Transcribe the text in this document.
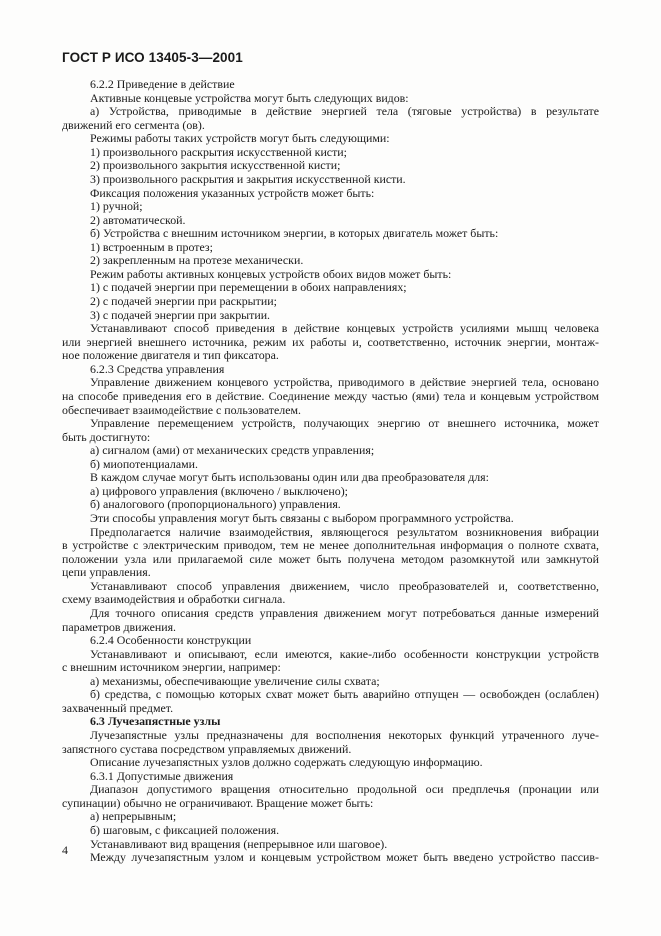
ГОСТ Р ИСО 13405-3—2001

6.2.2 Приведение в действие

Активные концевые устройства могут быть следующих видов:

а) Устройства, приводимые в действие энергией тела (тяговые устройства) в результате

движений его сегмента (ов).

Режимы работы таких устройств могут быть следующими:

1) произвольного раскрытия искусственной кисти;

2) произвольного закрытия искусственной кисти;

3) произвольного раскрытия и закрытия искусственной кисти.

Фиксация положения указанных устройств может быть:

1) ручной;

2) автоматической.

б) Устройства с внешним источником энергии, в которых двигатель может быть:

1) встроенным в протез;

2) закрепленным на протезе механически.

Режим работы активных концевых устройств обоих видов может быть:

1) с подачей энергии при перемещении в обоих направлениях;

2) с подачей энергии при раскрытии;

3) с подачей энергии при закрытии.

Устанавливают способ приведения в действие концевых устройств усилиями мышц человека

или энергией внешнего источника, режим их работы и, соответственно, источник энергии, монтаж-

ное положение двигателя и тип фиксатора.

6.2.3 Средства управления

Управление движением концевого устройства, приводимого в действие энергией тела, основано

на способе приведения его в действие. Соединение между частью (ями) тела и концевым устройством

обеспечивает взаимодействие с пользователем.

Управление перемещением устройств, получающих энергию от внешнего источника, может

быть достигнуто:

а) сигналом (ами) от механических средств управления;

б) миопотенциалами.

В каждом случае могут быть использованы один или два преобразователя для:

а) цифрового управления (включено / выключено);

б) аналогового (пропорционального) управления.

Эти способы управления могут быть связаны с выбором программного устройства.

Предполагается наличие взаимодействия, являющегося результатом возникновения вибрации

в устройстве с электрическим приводом, тем не менее дополнительная информация о полноте схвата,

положении узла или прилагаемой силе может быть получена методом разомкнутой или замкнутой

цепи управления.

Устанавливают способ управления движением, число преобразователей и, соответственно,

схему взаимодействия и обработки сигнала.

Для точного описания средств управления движением могут потребоваться данные измерений

параметров движения.

6.2.4 Особенности конструкции

Устанавливают и описывают, если имеются, какие-либо особенности конструкции устройств

с внешним источником энергии, например:

а) механизмы, обеспечивающие увеличение силы схвата;

б) средства, с помощью которых схват может быть аварийно отпущен — освобожден (ослаблен)

захваченный предмет.

6.3 Лучезапястные узлы

Лучезапястные узлы предназначены для восполнения некоторых функций утраченного луче-

запястного сустава посредством управляемых движений.

Описание лучезапястных узлов должно содержать следующую информацию.

6.3.1 Допустимые движения

Диапазон допустимого вращения относительно продольной оси предплечья (пронации или

супинации) обычно не ограничивают. Вращение может быть:

а) непрерывным;

б) шаговым, с фиксацией положения.

Устанавливают вид вращения (непрерывное или шаговое).

Между лучезапястным узлом и концевым устройством может быть введено устройство пассив-

4
